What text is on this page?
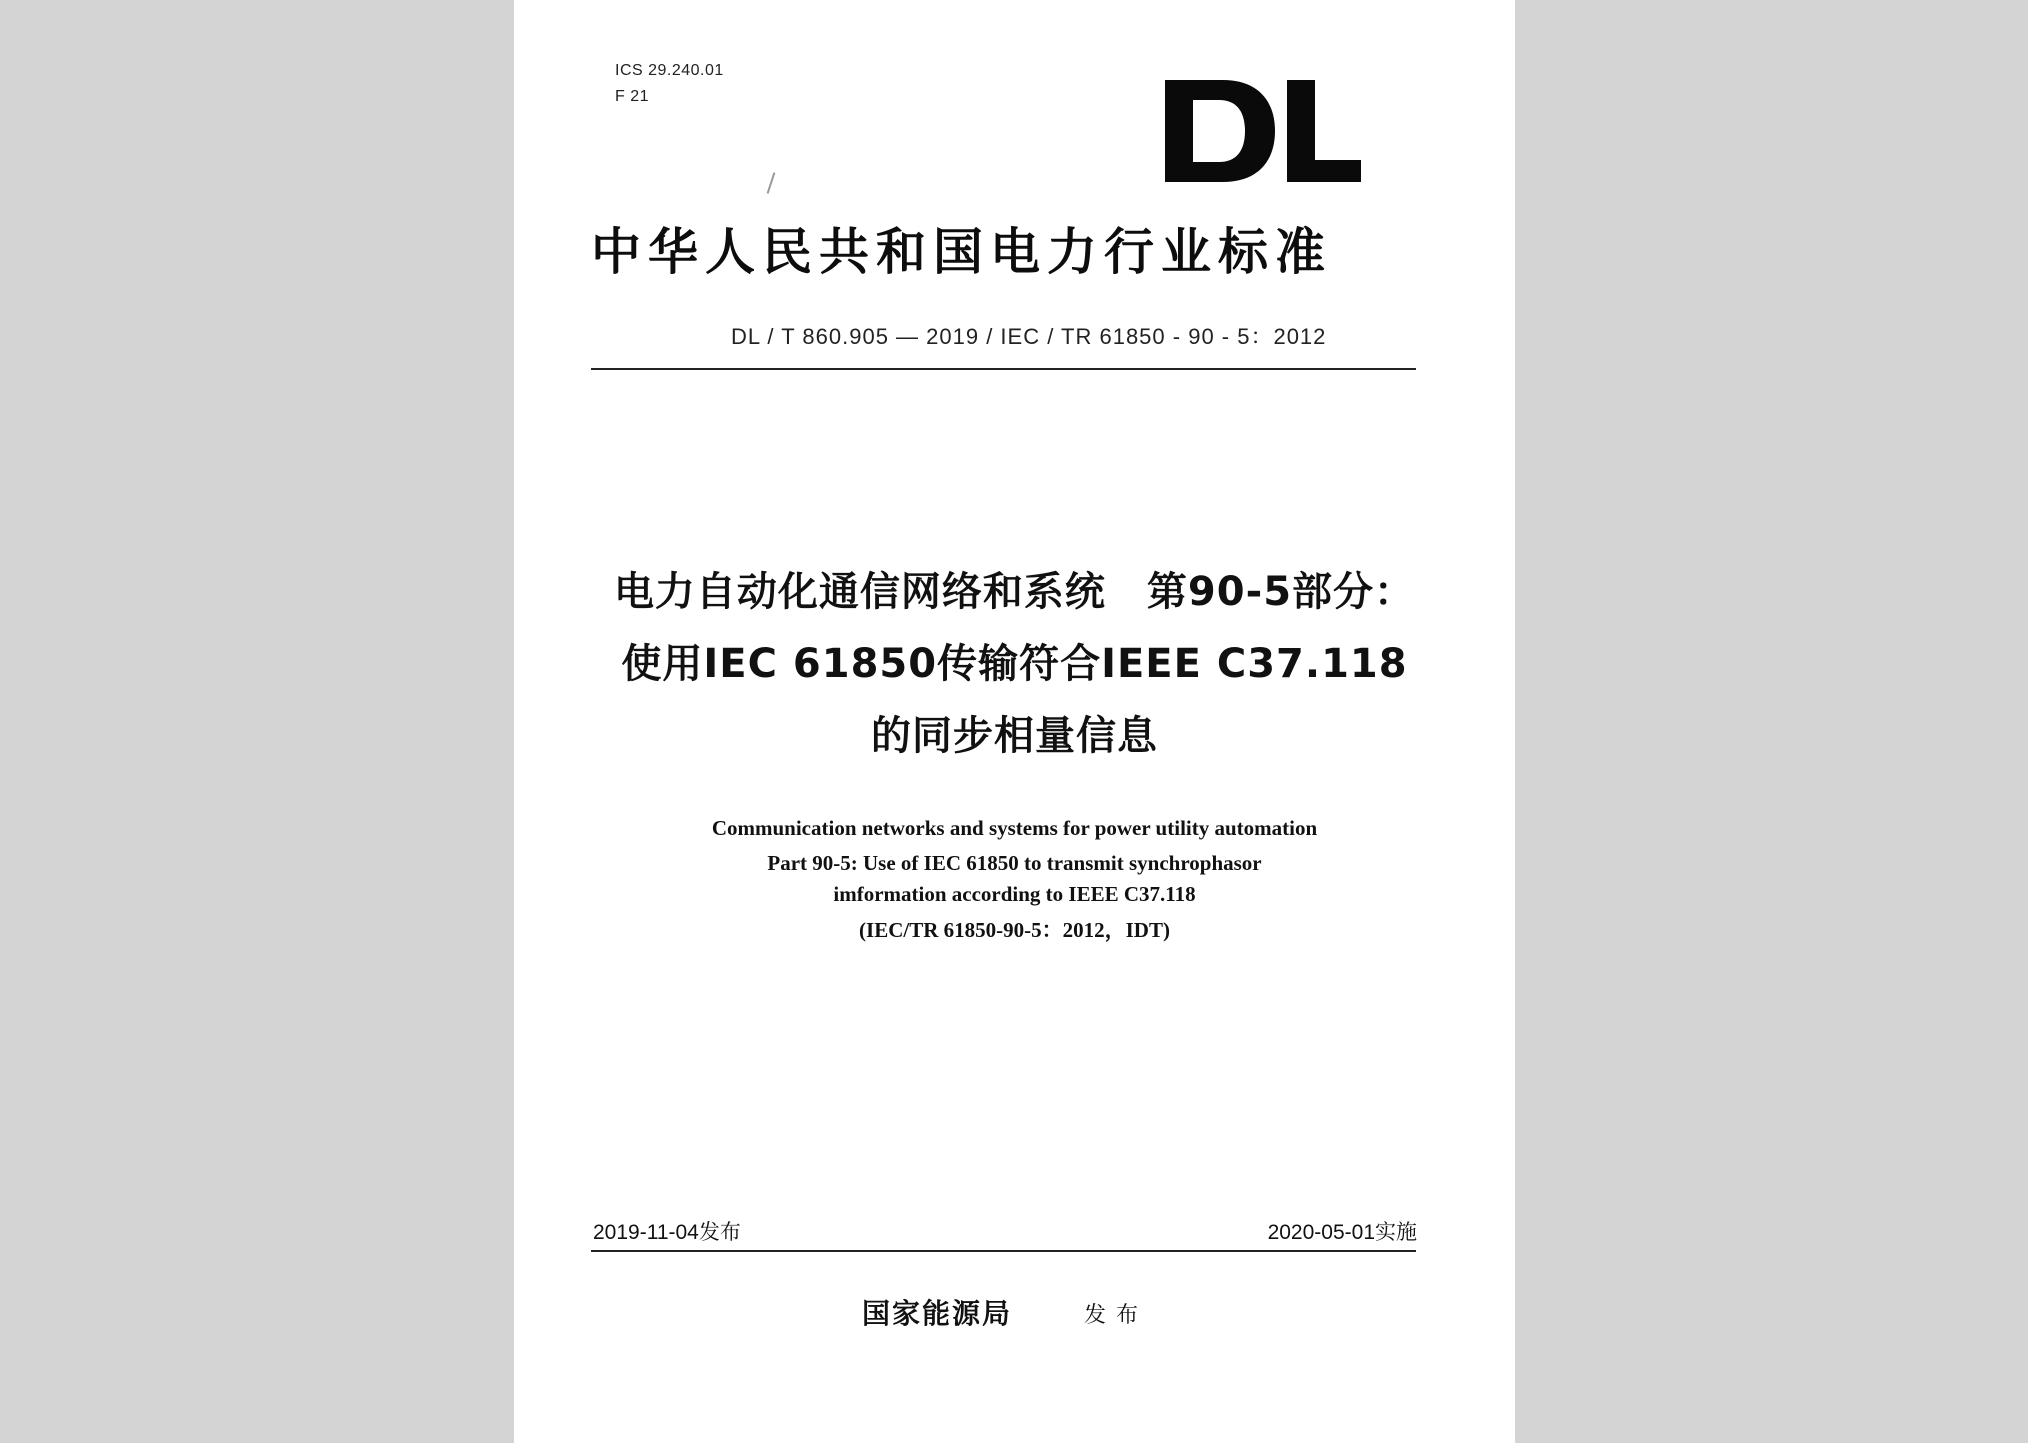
ICS 29.240.01
F 21
中华人民共和国电力行业标准
DL / T 860.905 — 2019 / IEC / TR 61850 - 90 - 5：2012
电力自动化通信网络和系统　第90-5部分：
使用IEC 61850传输符合IEEE C37.118
的同步相量信息
Communication networks and systems for power utility automation
Part 90-5: Use of IEC 61850 to transmit synchrophasor
imformation according to IEEE C37.118
(IEC/TR 61850-90-5：2012，IDT)
2019-11-04发布	2020-05-01实施
国家能源局	发布
